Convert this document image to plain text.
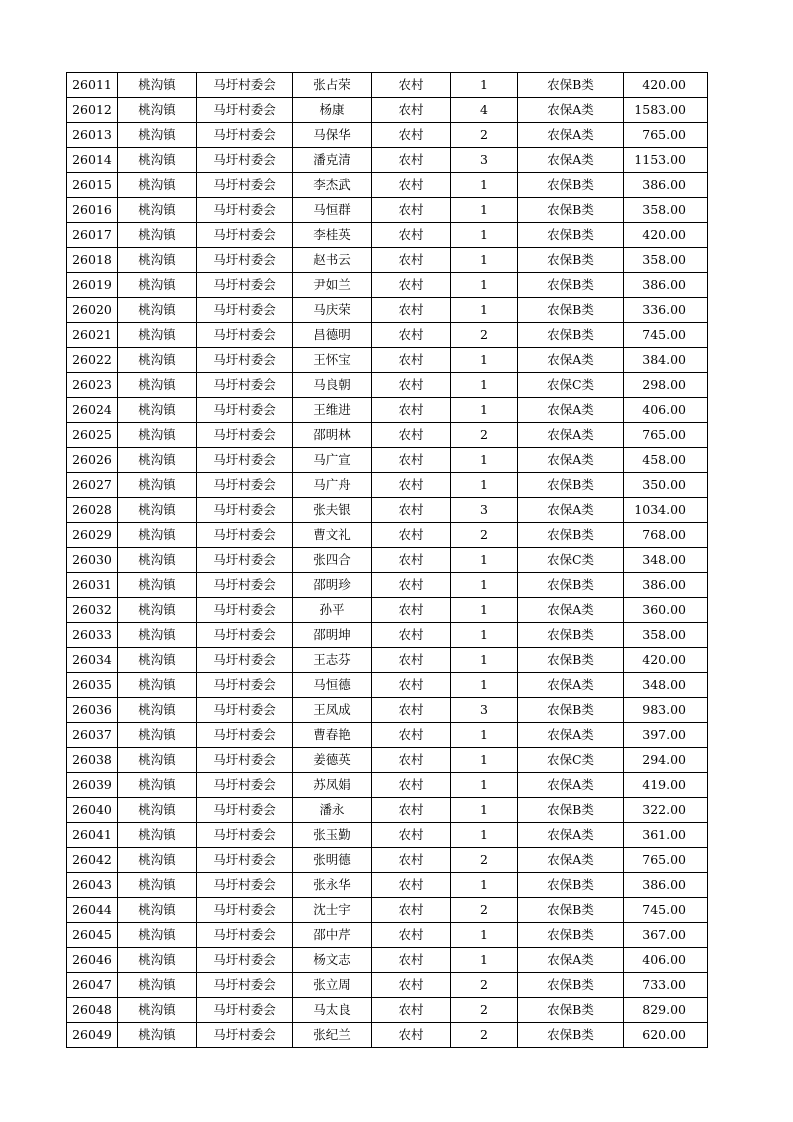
26011	桃沟镇	马圩村委会	张占荣	农村	1	农保B类	420.00
26012	桃沟镇	马圩村委会	杨康	农村	4	农保A类	1583.00
26013	桃沟镇	马圩村委会	马保华	农村	2	农保A类	765.00
26014	桃沟镇	马圩村委会	潘克清	农村	3	农保A类	1153.00
26015	桃沟镇	马圩村委会	李杰武	农村	1	农保B类	386.00
26016	桃沟镇	马圩村委会	马恒群	农村	1	农保B类	358.00
26017	桃沟镇	马圩村委会	李桂英	农村	1	农保B类	420.00
26018	桃沟镇	马圩村委会	赵书云	农村	1	农保B类	358.00
26019	桃沟镇	马圩村委会	尹如兰	农村	1	农保B类	386.00
26020	桃沟镇	马圩村委会	马庆荣	农村	1	农保B类	336.00
26021	桃沟镇	马圩村委会	昌德明	农村	2	农保B类	745.00
26022	桃沟镇	马圩村委会	王怀宝	农村	1	农保A类	384.00
26023	桃沟镇	马圩村委会	马良朝	农村	1	农保C类	298.00
26024	桃沟镇	马圩村委会	王维进	农村	1	农保A类	406.00
26025	桃沟镇	马圩村委会	邵明林	农村	2	农保A类	765.00
26026	桃沟镇	马圩村委会	马广宣	农村	1	农保A类	458.00
26027	桃沟镇	马圩村委会	马广舟	农村	1	农保B类	350.00
26028	桃沟镇	马圩村委会	张夫银	农村	3	农保A类	1034.00
26029	桃沟镇	马圩村委会	曹文礼	农村	2	农保B类	768.00
26030	桃沟镇	马圩村委会	张四合	农村	1	农保C类	348.00
26031	桃沟镇	马圩村委会	邵明珍	农村	1	农保B类	386.00
26032	桃沟镇	马圩村委会	孙平	农村	1	农保A类	360.00
26033	桃沟镇	马圩村委会	邵明坤	农村	1	农保B类	358.00
26034	桃沟镇	马圩村委会	王志芬	农村	1	农保B类	420.00
26035	桃沟镇	马圩村委会	马恒德	农村	1	农保A类	348.00
26036	桃沟镇	马圩村委会	王凤成	农村	3	农保B类	983.00
26037	桃沟镇	马圩村委会	曹春艳	农村	1	农保A类	397.00
26038	桃沟镇	马圩村委会	姜德英	农村	1	农保C类	294.00
26039	桃沟镇	马圩村委会	苏凤娟	农村	1	农保A类	419.00
26040	桃沟镇	马圩村委会	潘永	农村	1	农保B类	322.00
26041	桃沟镇	马圩村委会	张玉勤	农村	1	农保A类	361.00
26042	桃沟镇	马圩村委会	张明德	农村	2	农保A类	765.00
26043	桃沟镇	马圩村委会	张永华	农村	1	农保B类	386.00
26044	桃沟镇	马圩村委会	沈士宇	农村	2	农保B类	745.00
26045	桃沟镇	马圩村委会	邵中芹	农村	1	农保B类	367.00
26046	桃沟镇	马圩村委会	杨文志	农村	1	农保A类	406.00
26047	桃沟镇	马圩村委会	张立周	农村	2	农保B类	733.00
26048	桃沟镇	马圩村委会	马太良	农村	2	农保B类	829.00
26049	桃沟镇	马圩村委会	张纪兰	农村	2	农保B类	620.00
